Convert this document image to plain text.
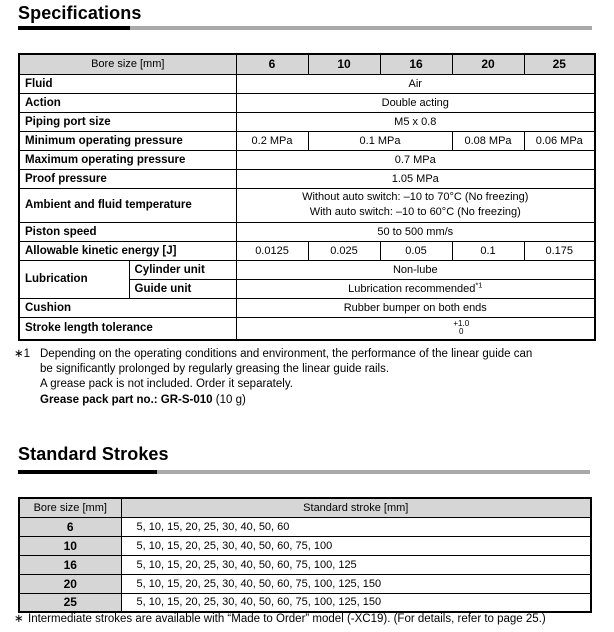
Specifications
Bore size [mm]		6	10	16	20	25
Fluid		Air				
Action		Double acting				
Piping port size		M5 x 0.8				
Minimum operating pressure		0.2 MPa	0.1 MPa		0.08 MPa	0.06 MPa
Maximum operating pressure		0.7 MPa				
Proof pressure		1.05 MPa				
Ambient and fluid temperature		Without auto switch: –10 to 70°C (No freezing)
With auto switch: –10 to 60°C (No freezing)				

Piston speed		50 to 500 mm/s				
Allowable kinetic energy [J]		0.0125	0.025	0.05	0.1	0.175
Lubrication	Cylinder unit	Non-lube				
	Guide unit	Lubrication recommended$^{*1}$
Cushion		Rubber bumper on both ends				
Stroke length tolerance		+1.0
0				
∗1 Depending on the operating conditions and environment, the performance of the linear guide can
be significantly prolonged by regularly greasing the linear guide rails.
A grease pack is not included. Order it separately.
Grease pack part no.: GR-S-010 (10 g)
Standard Strokes
Bore size [mm]	Standard stroke [mm]
6	5, 10, 15, 20, 25, 30, 40, 50, 60
10	5, 10, 15, 20, 25, 30, 40, 50, 60, 75, 100
16	5, 10, 15, 20, 25, 30, 40, 50, 60, 75, 100, 125
20	5, 10, 15, 20, 25, 30, 40, 50, 60, 75, 100, 125, 150
25	5, 10, 15, 20, 25, 30, 40, 50, 60, 75, 100, 125, 150
∗ Intermediate strokes are available with “Made to Order” model (-XC19). (For details, refer to page 25.)
